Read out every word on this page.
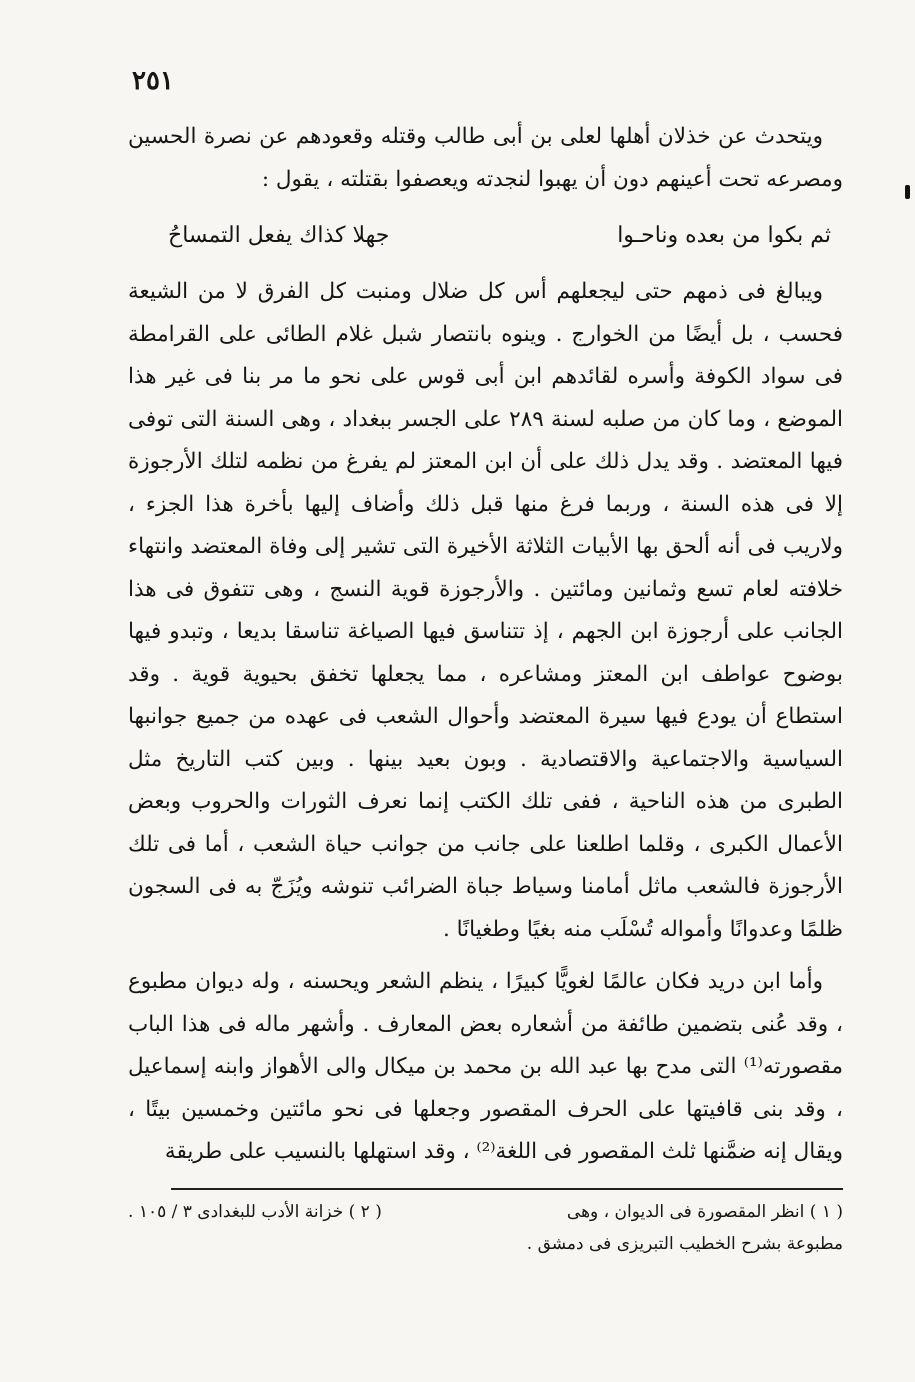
٢٥١

ويتحدث عن خذلان أهلها لعلى بن أبى طالب وقتله وقعودهم عن نصرة الحسين ومصرعه تحت أعينهم دون أن يهبوا لنجدته ويعصفوا بقتلته ، يقول :

ثم بكوا من بعده وناحـوا
جهلا كذاك يفعل التمساحُ

ويبالغ فى ذمهم حتى ليجعلهم أس كل ضلال ومنبت كل الفرق لا من الشيعة فحسب ، بل أيضًا من الخوارج . وينوه بانتصار شبل غلام الطائى على القرامطة فى سواد الكوفة وأسره لقائدهم ابن أبى قوس على نحو ما مر بنا فى غير هذا الموضع ، وما كان من صلبه لسنة ٢٨٩ على الجسر ببغداد ، وهى السنة التى توفى فيها المعتضد . وقد يدل ذلك على أن ابن المعتز لم يفرغ من نظمه لتلك الأرجوزة إلا فى هذه السنة ، وربما فرغ منها قبل ذلك وأضاف إليها بأخرة هذا الجزء ، ولاريب فى أنه ألحق بها الأبيات الثلاثة الأخيرة التى تشير إلى وفاة المعتضد وانتهاء خلافته لعام تسع وثمانين ومائتين . والأرجوزة قوية النسج ، وهى تتفوق فى هذا الجانب على أرجوزة ابن الجهم ، إذ تتناسق فيها الصياغة تناسقا بديعا ، وتبدو فيها بوضوح عواطف ابن المعتز ومشاعره ، مما يجعلها تخفق بحيوية قوية . وقد استطاع أن يودع فيها سيرة المعتضد وأحوال الشعب فى عهده من جميع جوانبها السياسية والاجتماعية والاقتصادية . وبون بعيد بينها . وبين كتب التاريخ مثل الطبرى من هذه الناحية ، ففى تلك الكتب إنما نعرف الثورات والحروب وبعض الأعمال الكبرى ، وقلما اطلعنا على جانب من جوانب حياة الشعب ، أما فى تلك الأرجوزة فالشعب ماثل أمامنا وسياط جباة الضرائب تنوشه ويُزَجّ به فى السجون ظلمًا وعدوانًا وأمواله تُسْلَب منه بغيًا وطغيانًا .

وأما ابن دريد فكان عالمًا لغويًّا كبيرًا ، ينظم الشعر ويحسنه ، وله ديوان مطبوع ، وقد عُنى بتضمين طائفة من أشعاره بعض المعارف . وأشهر ماله فى هذا الباب مقصورته⁽¹⁾ التى مدح بها عبد الله بن محمد بن ميكال والى الأهواز وابنه إسماعيل ، وقد بنى قافيتها على الحرف المقصور وجعلها فى نحو مائتين وخمسين بيتًا ، ويقال إنه ضمَّنها ثلث المقصور فى اللغة⁽²⁾ ، وقد استهلها بالنسيب على طريقة

( ١ ) انظر المقصورة فى الديوان ، وهى
( ٢ ) خزانة الأدب للبغدادى ٣ / ١٠٥ .
مطبوعة بشرح الخطيب التبريزى فى دمشق .
